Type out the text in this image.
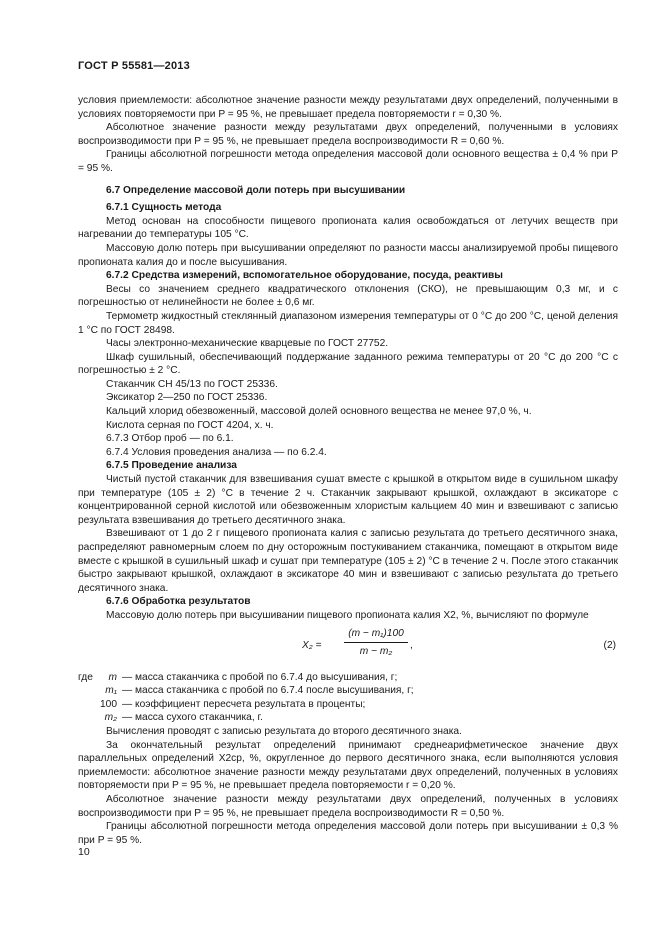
ГОСТ Р 55581—2013

условия приемлемости: абсолютное значение разности между результатами двух определений, полученными в условиях повторяемости при P = 95 %, не превышает предела повторяемости r = 0,30 %.

Абсолютное значение разности между результатами двух определений, полученными в условиях воспроизводимости при P = 95 %, не превышает предела воспроизводимости R = 0,60 %.

Границы абсолютной погрешности метода определения массовой доли основного вещества ± 0,4 % при P = 95 %.

6.7 Определение массовой доли потерь при высушивании

6.7.1 Сущность метода

Метод основан на способности пищевого пропионата калия освобождаться от летучих веществ при нагревании до температуры 105 °С.

Массовую долю потерь при высушивании определяют по разности массы анализируемой пробы пищевого пропионата калия до и после высушивания.

6.7.2 Средства измерений, вспомогательное оборудование, посуда, реактивы

Весы со значением среднего квадратического отклонения (СКО), не превышающим 0,3 мг, и с погрешностью от нелинейности не более ± 0,6 мг.

Термометр жидкостный стеклянный диапазоном измерения температуры от 0 °С до 200 °С, ценой деления 1 °С по ГОСТ 28498.

Часы электронно-механические кварцевые по ГОСТ 27752.

Шкаф сушильный, обеспечивающий поддержание заданного режима температуры от 20 °С до 200 °С с погрешностью ± 2 °С.

Стаканчик СН 45/13 по ГОСТ 25336.

Эксикатор 2—250 по ГОСТ 25336.

Кальций хлорид обезвоженный, массовой долей основного вещества не менее 97,0 %, ч.

Кислота серная по ГОСТ 4204, х. ч.

6.7.3 Отбор проб — по 6.1.

6.7.4 Условия проведения анализа — по 6.2.4.

6.7.5 Проведение анализа

Чистый пустой стаканчик для взвешивания сушат вместе с крышкой в открытом виде в сушильном шкафу при температуре (105 ± 2) °С в течение 2 ч. Стаканчик закрывают крышкой, охлаждают в эксикаторе с концентрированной серной кислотой или обезвоженным хлористым кальцием 40 мин и взвешивают с записью результата взвешивания до третьего десятичного знака.

Взвешивают от 1 до 2 г пищевого пропионата калия с записью результата до третьего десятичного знака, распределяют равномерным слоем по дну осторожным постукиванием стаканчика, помещают в открытом виде вместе с крышкой в сушильный шкаф и сушат при температуре (105 ± 2) °С в течение 2 ч. После этого стаканчик быстро закрывают крышкой, охлаждают в эксикаторе 40 мин и взвешивают с записью результата до третьего десятичного знака.

6.7.6 Обработка результатов

Массовую долю потерь при высушивании пищевого пропионата калия X2, %, вычисляют по формуле

$X_2 = \frac{\text{(m − m₁)100}}{\text{m − m₂}}$ ,	(2)
где	m	— масса стаканчика с пробой по 6.7.4 до высушивания, г;
	m₁	— масса стаканчика с пробой по 6.7.4 после высушивания, г;
	100	— коэффициент пересчета результата в проценты;
	m₂	— масса сухого стаканчика, г.

Вычисления проводят с записью результата до второго десятичного знака.

За окончательный результат определений принимают среднеарифметическое значение двух параллельных определений X2ср, %, округленное до первого десятичного знака, если выполняются условия приемлемости: абсолютное значение разности между результатами двух определений, полученных в условиях повторяемости при P = 95 %, не превышает предела повторяемости r = 0,20 %.

Абсолютное значение разности между результатами двух определений, полученных в условиях воспроизводимости при P = 95 %, не превышает предела воспроизводимости R = 0,50 %.

Границы абсолютной погрешности метода определения массовой доли потерь при высушивании ± 0,3 % при P = 95 %.

10
